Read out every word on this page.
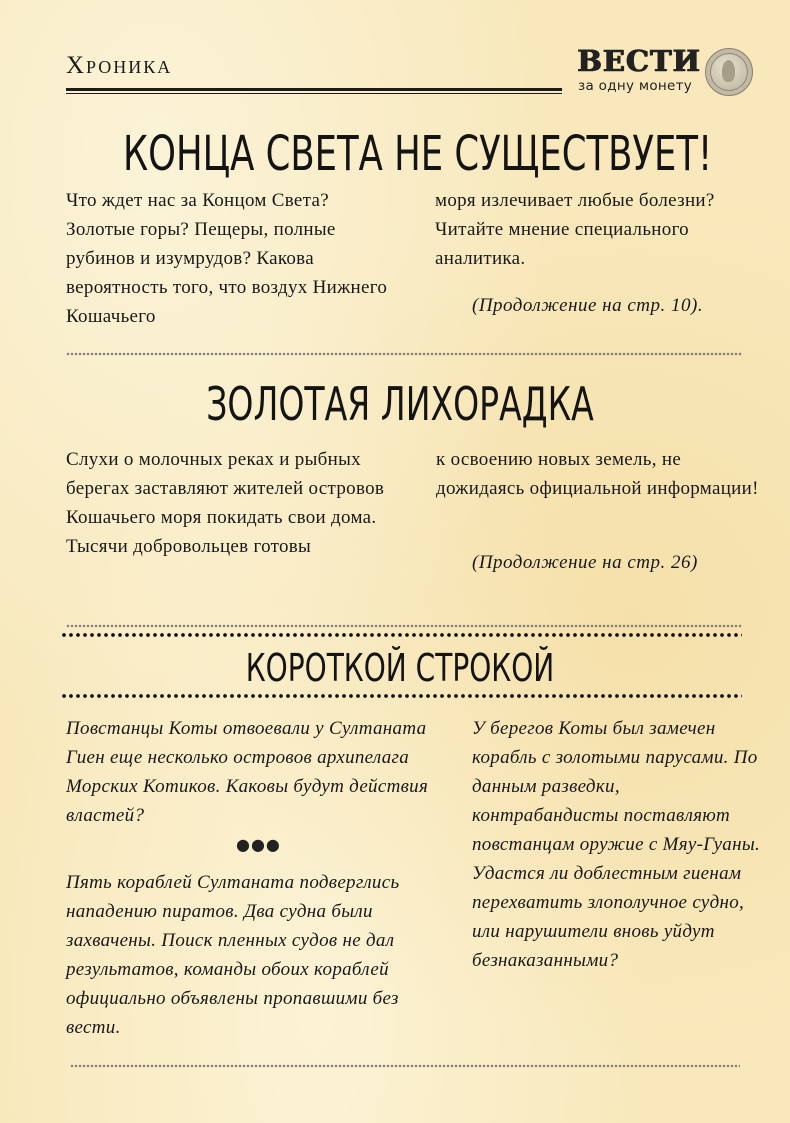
Хроника	ВЕСТИ
за одну монету
КОНЦА СВЕТА НЕ СУЩЕСТВУЕТ!

Что ждет нас за Концом Света? Золотые горы? Пещеры, полные рубинов и изумрудов? Какова вероятность того, что воздух Нижнего Кошачьего

моря излечивает любые болезни? Читайте мнение специального аналитика.

(Продолжение на стр. 10).
ЗОЛОТАЯ ЛИХОРАДКА

Слухи о молочных реках и рыбных берегах заставляют жителей островов Кошачьего моря покидать свои дома. Тысячи добровольцев готовы

к освоению новых земель, не дожидаясь официальной информации!

(Продолжение на стр. 26)
КОРОТКОЙ СТРОКОЙ

Повстанцы Коты отвоевали у Султаната Гиен еще несколько островов архипелага Морских Котиков. Каковы будут действия властей?

●●●

Пять кораблей Султаната подверглись нападению пиратов. Два судна были захвачены. Поиск пленных судов не дал результатов, команды обоих кораблей официально объявлены пропавшими без вести.

У берегов Коты был замечен корабль с золотыми парусами. По данным разведки, контрабандисты поставляют повстанцам оружие с Мяу-Гуаны. Удастся ли доблестным гиенам перехватить злополучное судно, или нарушители вновь уйдут безнаказанными?
